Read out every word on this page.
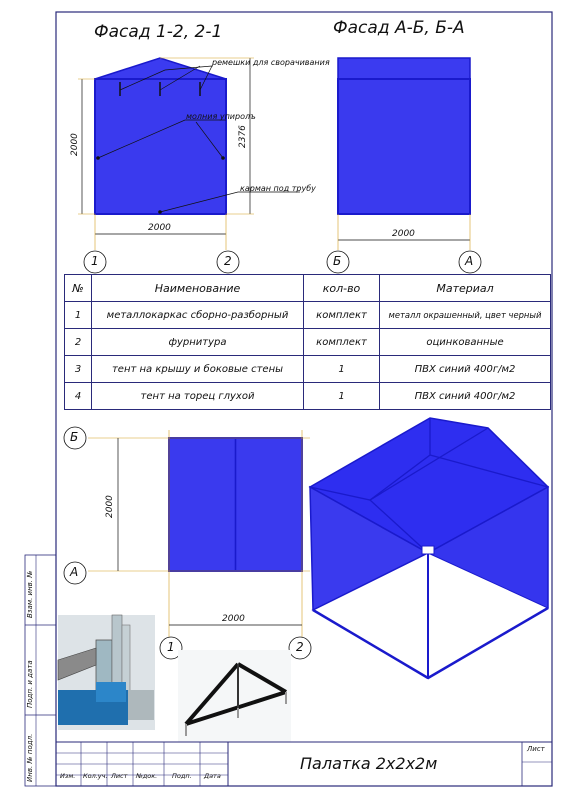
Фасад 1-2, 2-1	Фасад А-Б, Б-А
ремешки для сворачивания
молния упиролъ
карман под трубу
2000	2376
2000
2000
1	2	Б	А
2000
2000
Б
А
1	2
№	Наименование	кол-во	Материал
1	металлокаркас сборно-разборный	комплект	металл окрашенный, цвет черный
2	фурнитура	комплект	оцинкованные
3	тент на крышу и боковые стены	1	ПВХ синий 400г/м2
4	тент на торец глухой	1	ПВХ синий 400г/м2
Палатка 2х2х2м
Лист
Изм. Кол.уч. Лист №док. Подп. Дата
Взам. инв. №
Подп. и дата
Инв. № подл.
